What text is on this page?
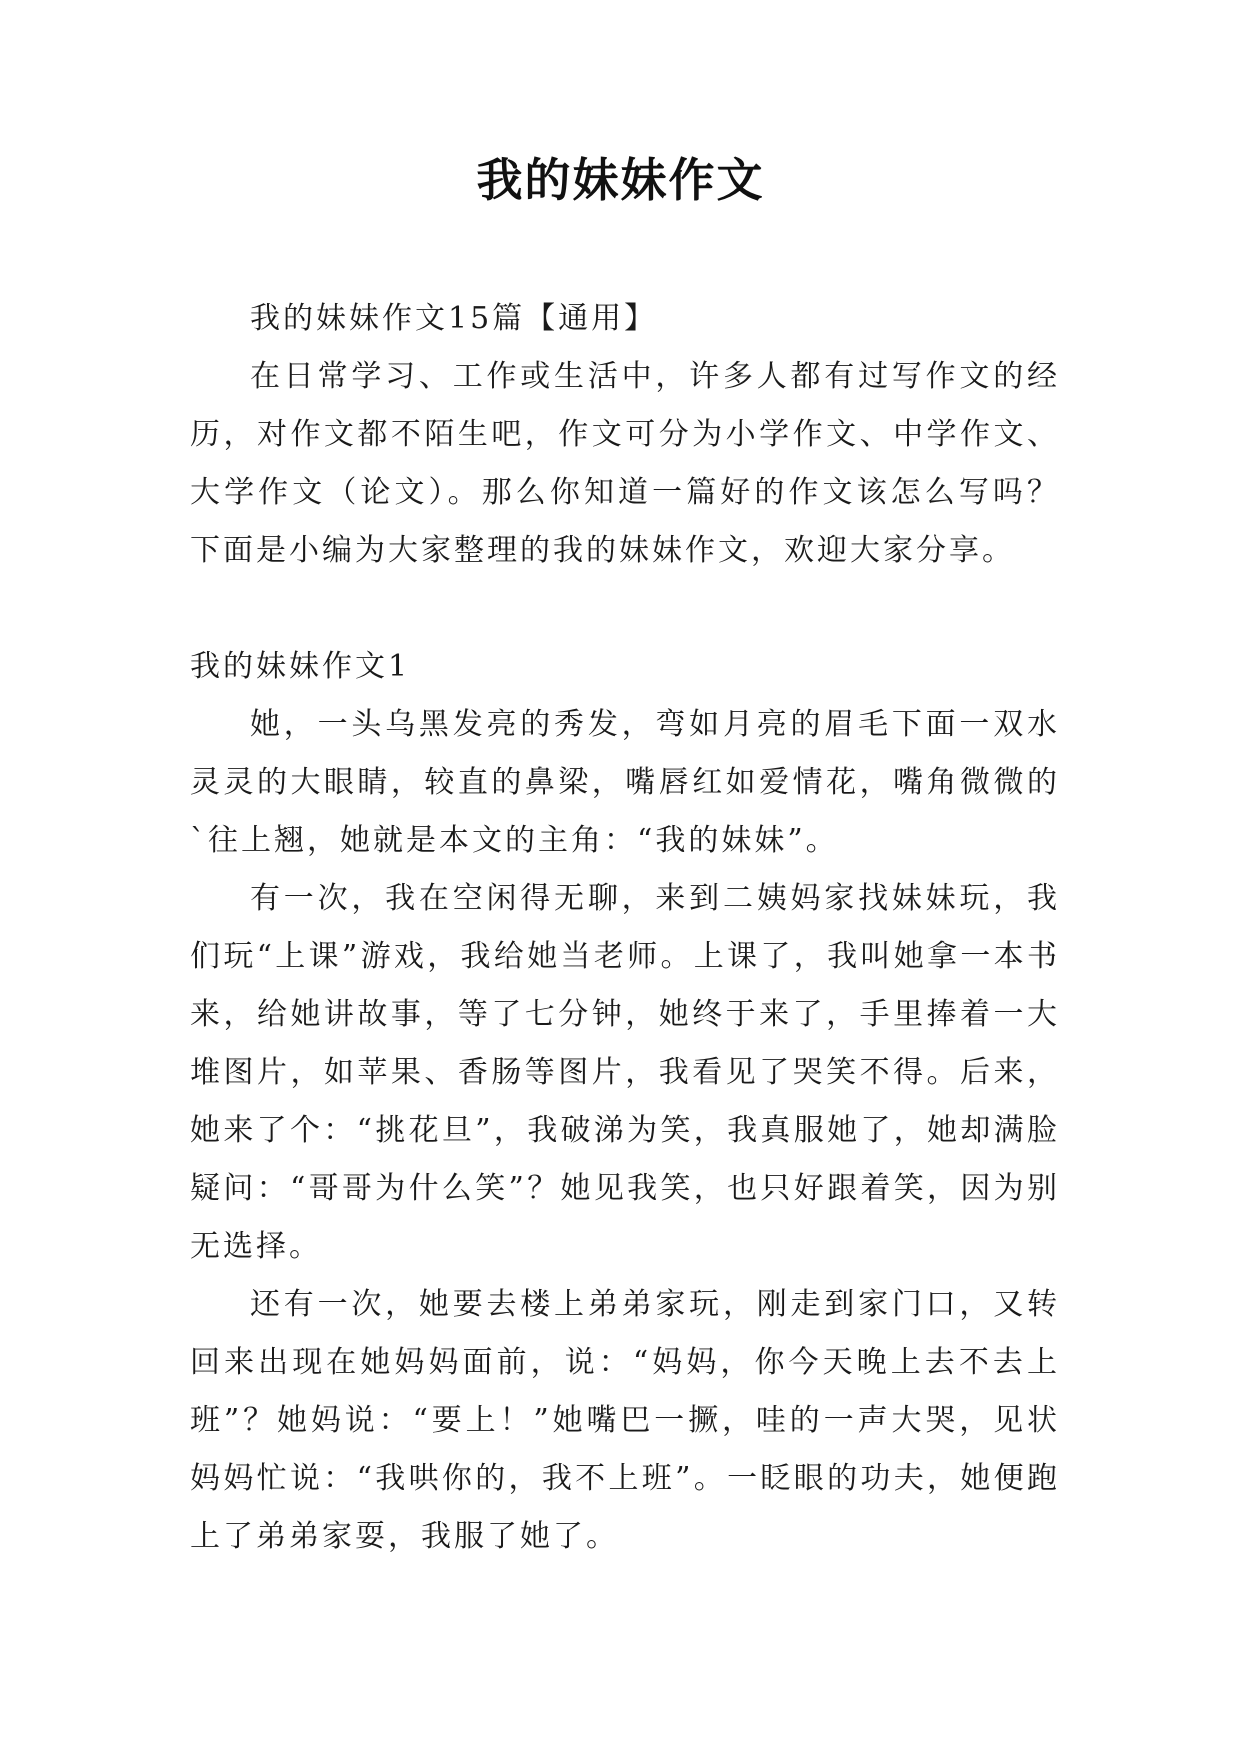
我的妹妹作文

我的妹妹作文15篇【通用】

在日常学习、工作或生活中，许多人都有过写作文的经历，对作文都不陌生吧，作文可分为小学作文、中学作文、大学作文（论文）。那么你知道一篇好的作文该怎么写吗？下面是小编为大家整理的我的妹妹作文，欢迎大家分享。

我的妹妹作文1

她，一头乌黑发亮的秀发，弯如月亮的眉毛下面一双水灵灵的大眼睛，较直的鼻梁，嘴唇红如爱情花，嘴角微微的`往上翘，她就是本文的主角：“我的妹妹”。

有一次，我在空闲得无聊，来到二姨妈家找妹妹玩，我们玩“上课”游戏，我给她当老师。上课了，我叫她拿一本书来，给她讲故事，等了七分钟，她终于来了，手里捧着一大堆图片，如苹果、香肠等图片，我看见了哭笑不得。后来，她来了个：“挑花旦”，我破涕为笑，我真服她了，她却满脸疑问：“哥哥为什么笑”？她见我笑，也只好跟着笑，因为别无选择。

还有一次，她要去楼上弟弟家玩，刚走到家门口，又转回来出现在她妈妈面前，说：“妈妈，你今天晚上去不去上班”？她妈说：“要上！”她嘴巴一撅，哇的一声大哭，见状妈妈忙说：“我哄你的，我不上班”。一眨眼的功夫，她便跑上了弟弟家耍，我服了她了。
